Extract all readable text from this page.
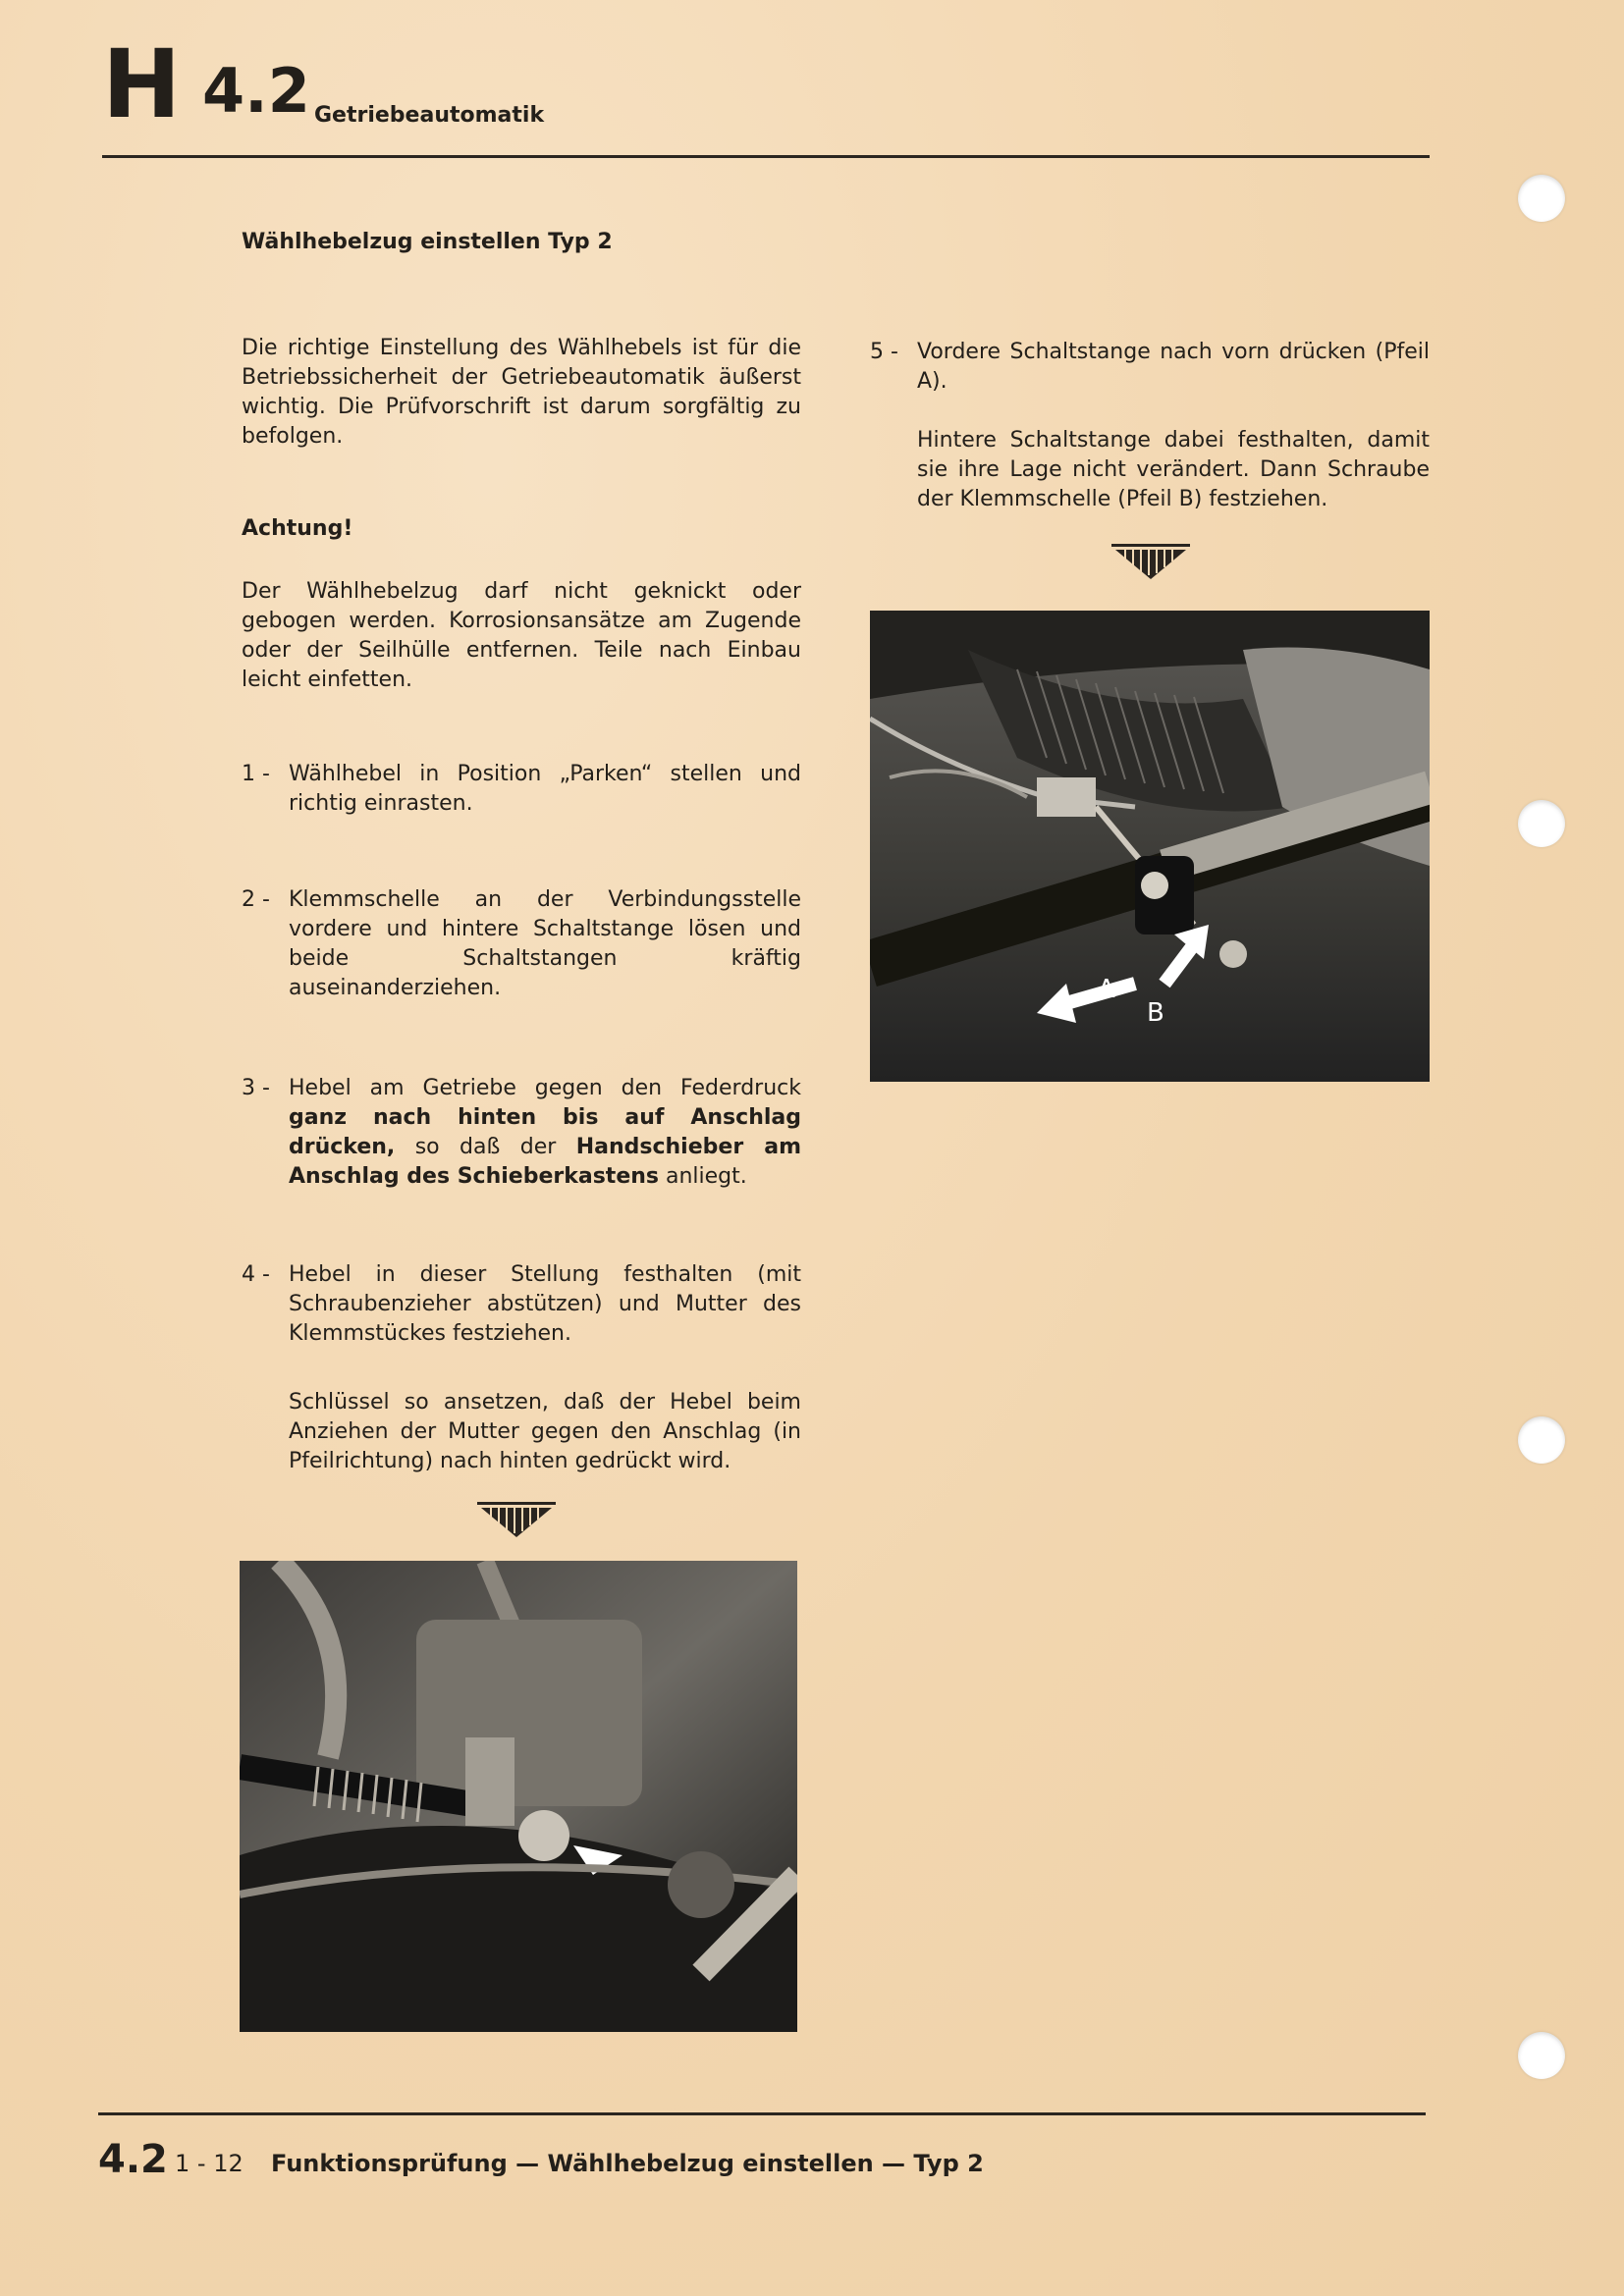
H 4.2 Getriebeautomatik
Wählhebelzug einstellen Typ 2
Die richtige Einstellung des Wählhebels ist für die Betriebssicherheit der Getriebeautomatik äußerst wichtig. Die Prüfvorschrift ist darum sorgfältig zu befolgen.
Achtung!
Der Wählhebelzug darf nicht geknickt oder gebogen werden. Korrosionsansätze am Zugende oder der Seilhülle entfernen. Teile nach Einbau leicht einfetten.
1 - Wählhebel in Position „Parken“ stellen und richtig einrasten.
2 - Klemmschelle an der Verbindungsstelle vordere und hintere Schaltstange lösen und beide Schaltstangen kräftig auseinanderziehen.
3 - Hebel am Getriebe gegen den Federdruck ganz nach hinten bis auf Anschlag drücken, so daß der Handschieber am Anschlag des Schieberkastens anliegt.
4 - Hebel in dieser Stellung festhalten (mit Schraubenzieher abstützen) und Mutter des Klemmstückes festziehen.
Schlüssel so ansetzen, daß der Hebel beim Anziehen der Mutter gegen den Anschlag (in Pfeilrichtung) nach hinten gedrückt wird.
5 - Vordere Schaltstange nach vorn drücken (Pfeil A).
Hintere Schaltstange dabei festhalten, damit sie ihre Lage nicht verändert. Dann Schraube der Klemmschelle (Pfeil B) festziehen.
A
B
4.2 1 - 12 Funktionsprüfung — Wählhebelzug einstellen — Typ 2
